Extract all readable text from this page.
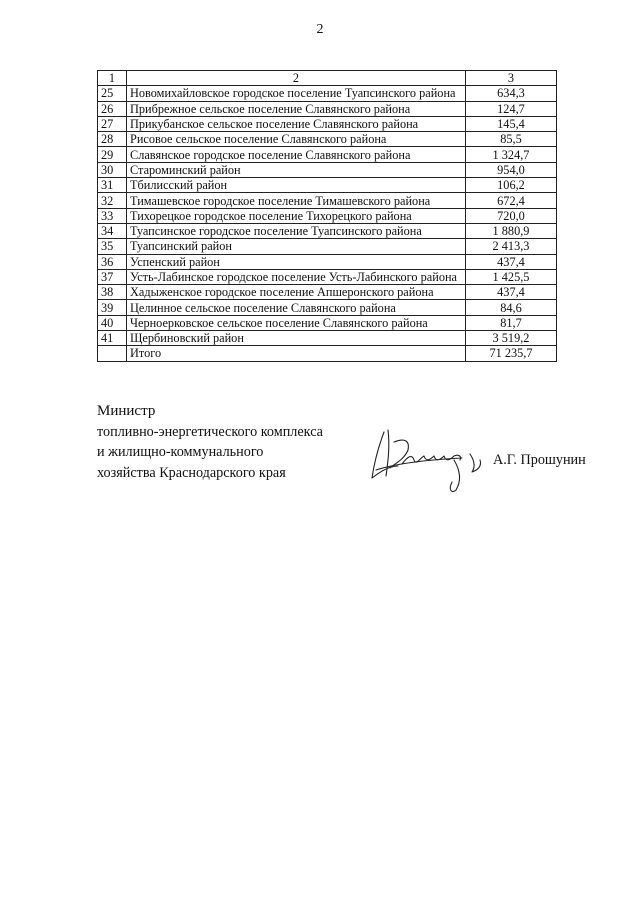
2
1	2	3
25	Новомихайловское городское поселение Туапсинского района	634,3
26	Прибрежное сельское поселение Славянского района	124,7
27	Прикубанское сельское поселение Славянского района	145,4
28	Рисовое сельское поселение Славянского района	85,5
29	Славянское городское поселение Славянского района	1 324,7
30	Староминский район	954,0
31	Тбилисский район	106,2
32	Тимашевское городское поселение Тимашевского района	672,4
33	Тихорецкое городское поселение Тихорецкого района	720,0
34	Туапсинское городское поселение Туапсинского района	1 880,9
35	Туапсинский район	2 413,3
36	Успенский район	437,4
37	Усть-Лабинское городское поселение Усть-Лабинского района	1 425,5
38	Хадыженское городское поселение Апшеронского района	437,4
39	Целинное сельское поселение Славянского района	84,6
40	Черноерковское сельское поселение Славянского района	81,7
41	Щербиновский район	3 519,2
	Итого	71 235,7
Министр
топливно-энергетического комплекса
и жилищно-коммунального
хозяйства Краснодарского края
А.Г. Прошунин
